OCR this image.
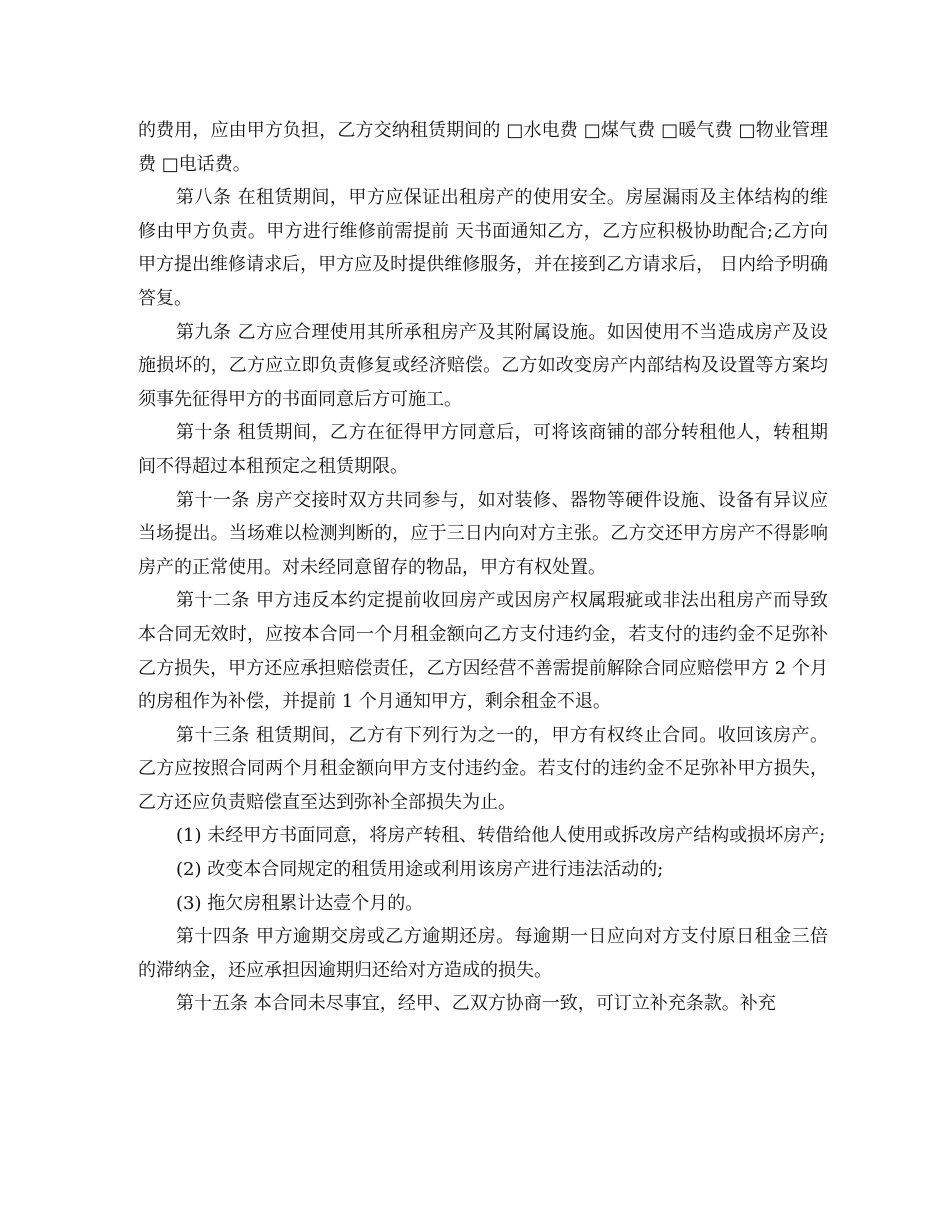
的费用，应由甲方负担，乙方交纳租赁期间的 □水电费 □煤气费 □暖气费 □物业管理费 □电话费。

第八条 在租赁期间，甲方应保证出租房产的使用安全。房屋漏雨及主体结构的维修由甲方负责。甲方进行维修前需提前 天书面通知乙方，乙方应积极协助配合;乙方向甲方提出维修请求后，甲方应及时提供维修服务，并在接到乙方请求后， 日内给予明确答复。

第九条 乙方应合理使用其所承租房产及其附属设施。如因使用不当造成房产及设施损坏的，乙方应立即负责修复或经济赔偿。乙方如改变房产内部结构及设置等方案均须事先征得甲方的书面同意后方可施工。

第十条 租赁期间，乙方在征得甲方同意后，可将该商铺的部分转租他人，转租期间不得超过本租预定之租赁期限。

第十一条 房产交接时双方共同参与，如对装修、器物等硬件设施、设备有异议应当场提出。当场难以检测判断的，应于三日内向对方主张。乙方交还甲方房产不得影响房产的正常使用。对未经同意留存的物品，甲方有权处置。

第十二条 甲方违反本约定提前收回房产或因房产权属瑕疵或非法出租房产而导致本合同无效时，应按本合同一个月租金额向乙方支付违约金，若支付的违约金不足弥补乙方损失，甲方还应承担赔偿责任，乙方因经营不善需提前解除合同应赔偿甲方 2 个月的房租作为补偿，并提前 1 个月通知甲方，剩余租金不退。

第十三条 租赁期间，乙方有下列行为之一的，甲方有权终止合同。收回该房产。乙方应按照合同两个月租金额向甲方支付违约金。若支付的违约金不足弥补甲方损失，乙方还应负责赔偿直至达到弥补全部损失为止。

(1) 未经甲方书面同意，将房产转租、转借给他人使用或拆改房产结构或损坏房产;

(2) 改变本合同规定的租赁用途或利用该房产进行违法活动的;

(3) 拖欠房租累计达壹个月的。

第十四条 甲方逾期交房或乙方逾期还房。每逾期一日应向对方支付原日租金三倍的滞纳金，还应承担因逾期归还给对方造成的损失。

第十五条 本合同未尽事宜，经甲、乙双方协商一致，可订立补充条款。补充
